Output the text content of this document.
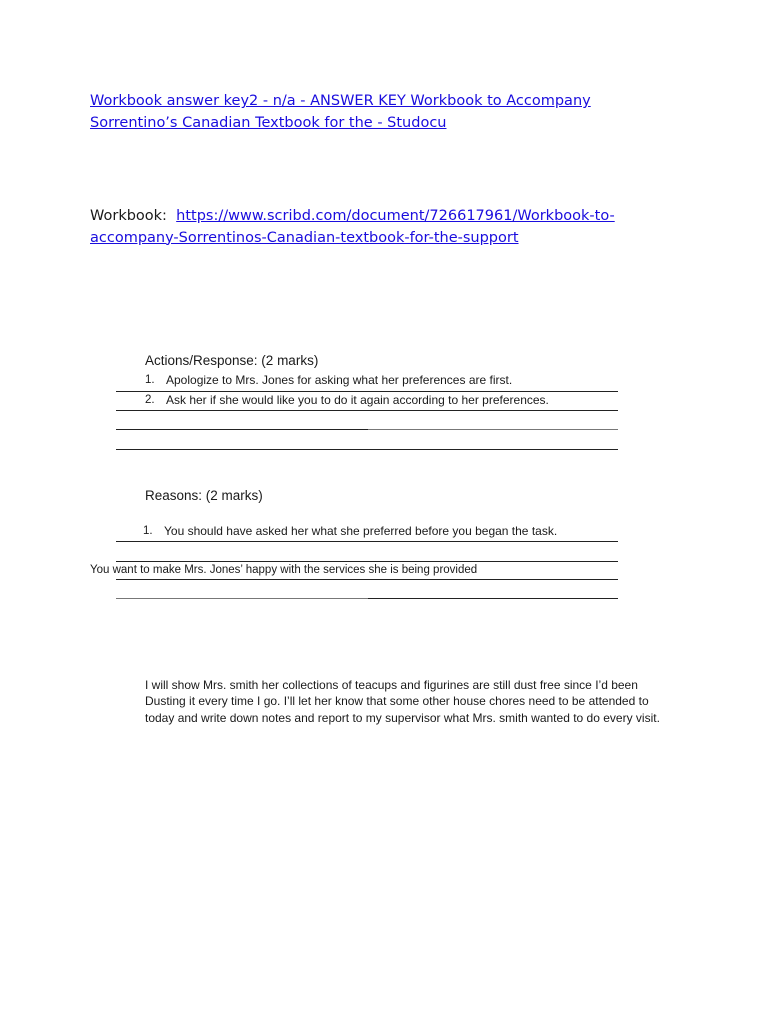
Workbook answer key2 - n/a - ANSWER KEY Workbook to Accompany Sorrentino’s Canadian Textbook for the - Studocu
Workbook: https://www.scribd.com/document/726617961/Workbook-to-accompany-Sorrentinos-Canadian-textbook-for-the-support
Actions/Response: (2 marks)
1. Apologize to Mrs. Jones for asking what her preferences are first.
2. Ask her if she would like you to do it again according to her preferences.
Reasons: (2 marks)
1. You should have asked her what she preferred before you began the task.
You want to make Mrs. Jones’ happy with the services she is being provided
I will show Mrs. smith her collections of teacups and figurines are still dust free since I’d been Dusting it every time I go. I’ll let her know that some other house chores need to be attended to today and write down notes and report to my supervisor what Mrs. smith wanted to do every visit.
